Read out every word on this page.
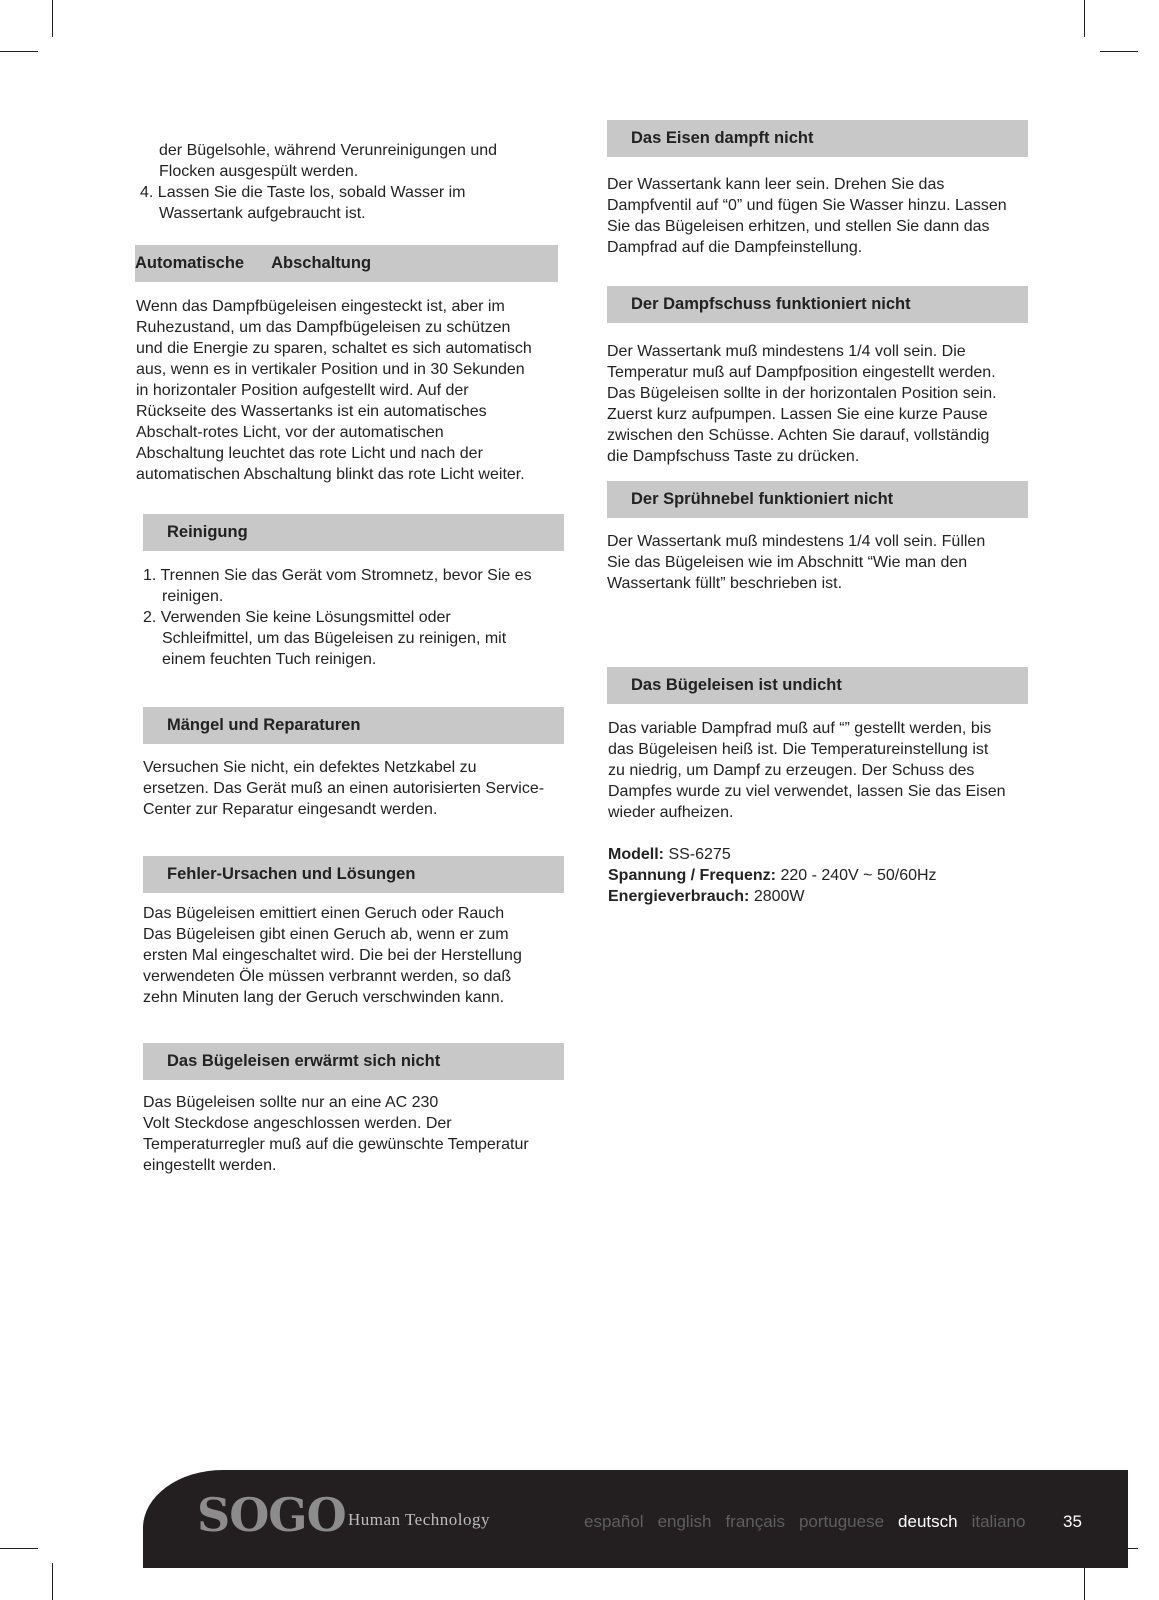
der Bügelsohle, während Verunreinigungen und
Flocken ausgespült werden.
4. Lassen Sie die Taste los, sobald Wasser im
Wassertank aufgebraucht ist.
Automatische Abschaltung
Wenn das Dampfbügeleisen eingesteckt ist, aber im
Ruhezustand, um das Dampfbügeleisen zu schützen
und die Energie zu sparen, schaltet es sich automatisch
aus, wenn es in vertikaler Position und in 30 Sekunden
in horizontaler Position aufgestellt wird. Auf der
Rückseite des Wassertanks ist ein automatisches
Abschalt-rotes Licht, vor der automatischen
Abschaltung leuchtet das rote Licht und nach der
automatischen Abschaltung blinkt das rote Licht weiter.
Reinigung
1. Trennen Sie das Gerät vom Stromnetz, bevor Sie es
reinigen.
2. Verwenden Sie keine Lösungsmittel oder
Schleifmittel, um das Bügeleisen zu reinigen, mit
einem feuchten Tuch reinigen.
Mängel und Reparaturen
Versuchen Sie nicht, ein defektes Netzkabel zu
ersetzen. Das Gerät muß an einen autorisierten Service-
Center zur Reparatur eingesandt werden.
Fehler-Ursachen und Lösungen
Das Bügeleisen emittiert einen Geruch oder Rauch
Das Bügeleisen gibt einen Geruch ab, wenn er zum
ersten Mal eingeschaltet wird. Die bei der Herstellung
verwendeten Öle müssen verbrannt werden, so daß
zehn Minuten lang der Geruch verschwinden kann.
Das Bügeleisen erwärmt sich nicht
Das Bügeleisen sollte nur an eine AC 230
Volt Steckdose angeschlossen werden. Der
Temperaturregler muß auf die gewünschte Temperatur
eingestellt werden.
Das Eisen dampft nicht
Der Wassertank kann leer sein. Drehen Sie das
Dampfventil auf “0” und fügen Sie Wasser hinzu. Lassen
Sie das Bügeleisen erhitzen, und stellen Sie dann das
Dampfrad auf die Dampfeinstellung.
Der Dampfschuss funktioniert nicht
Der Wassertank muß mindestens 1/4 voll sein. Die
Temperatur muß auf Dampfposition eingestellt werden.
Das Bügeleisen sollte in der horizontalen Position sein.
Zuerst kurz aufpumpen. Lassen Sie eine kurze Pause
zwischen den Schüsse. Achten Sie darauf, vollständig
die Dampfschuss Taste zu drücken.
Der Sprühnebel funktioniert nicht
Der Wassertank muß mindestens 1/4 voll sein. Füllen
Sie das Bügeleisen wie im Abschnitt “Wie man den
Wassertank füllt” beschrieben ist.
Das Bügeleisen ist undicht
Das variable Dampfrad muß auf “” gestellt werden, bis
das Bügeleisen heiß ist. Die Temperatureinstellung ist
zu niedrig, um Dampf zu erzeugen. Der Schuss des
Dampfes wurde zu viel verwendet, lassen Sie das Eisen
wieder aufheizen.
Modell: SS-6275
Spannung / Frequenz: 220 - 240V ~ 50/60Hz
Energieverbrauch: 2800W
SOGO Human Technology	español english français portuguese deutsch italiano	35
